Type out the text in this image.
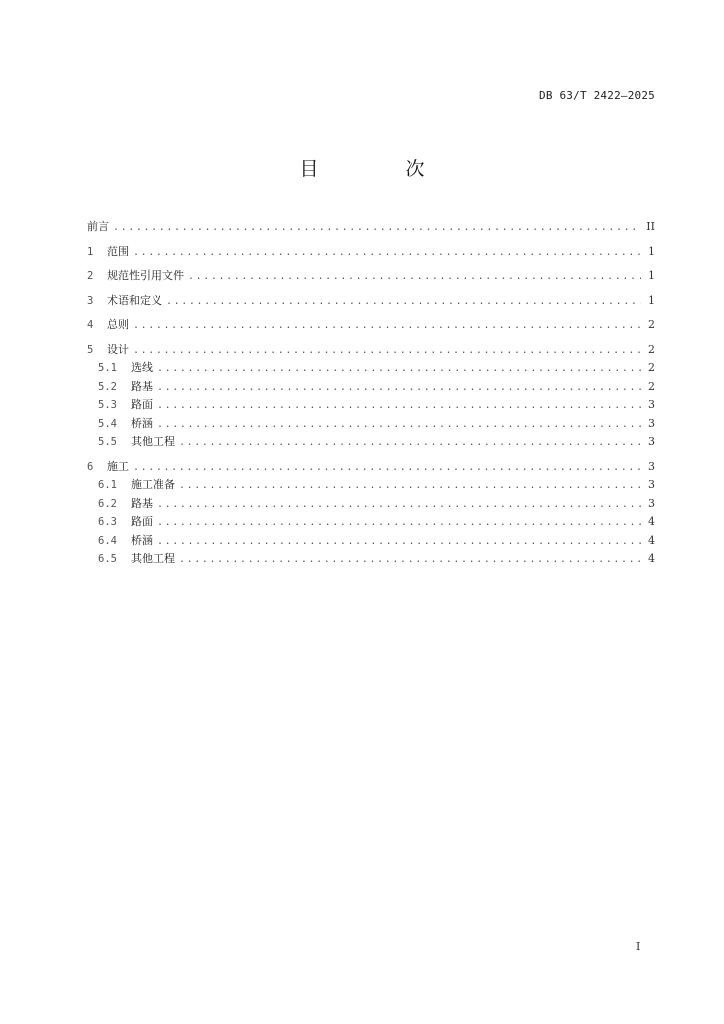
DB 63/T 2422—2025
目　次
前言 .....	II
1	范围 .....	1
2	规范性引用文件 .....	1
3	术语和定义 .....	1
4	总则 .....	2
5	设计 .....	2
5.1	选线 .....	2
5.2	路基 .....	2
5.3	路面 .....	3
5.4	桥涵 .....	3
5.5	其他工程 .....	3
6	施工 .....	3
6.1	施工准备 .....	3
6.2	路基 .....	3
6.3	路面 .....	4
6.4	桥涵 .....	4
6.5	其他工程 .....	4
I
